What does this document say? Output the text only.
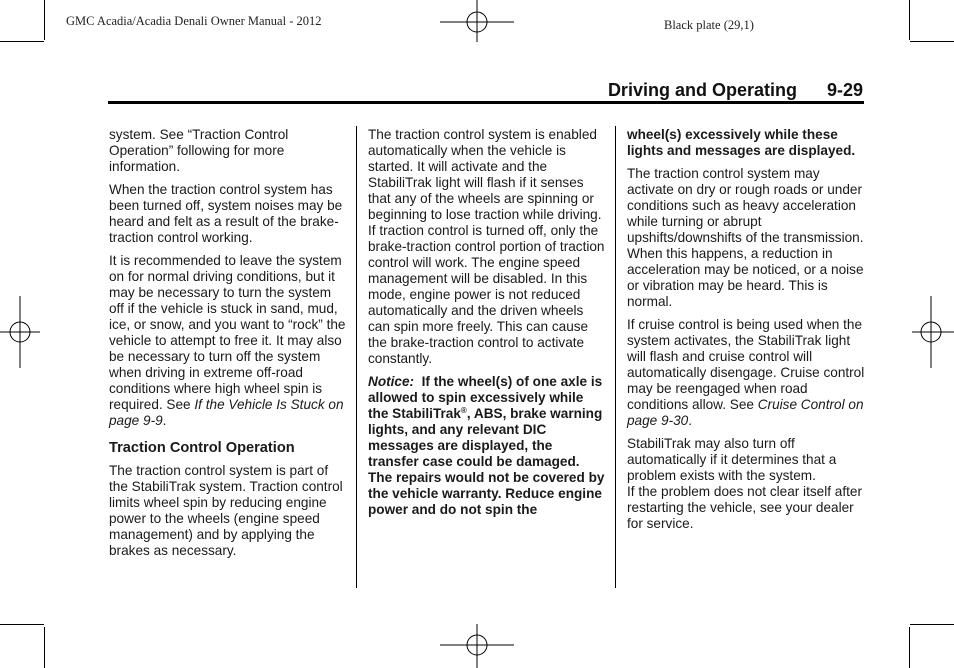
GMC Acadia/Acadia Denali Owner Manual - 2012	Black plate (29,1)
Driving and Operating 9-29

system. See “Traction Control Operation” following for more information.

When the traction control system has been turned off, system noises may be heard and felt as a result of the brake-traction control working.

It is recommended to leave the system on for normal driving conditions, but it may be necessary to turn the system off if the vehicle is stuck in sand, mud, ice, or snow, and you want to “rock” the vehicle to attempt to free it. It may also be necessary to turn off the system when driving in extreme off-road conditions where high wheel spin is required. See If the Vehicle Is Stuck on page 9-9.

Traction Control Operation

The traction control system is part of the StabiliTrak system. Traction control limits wheel spin by reducing engine power to the wheels (engine speed management) and by applying the brakes as necessary.

The traction control system is enabled automatically when the vehicle is started. It will activate and the StabiliTrak light will flash if it senses that any of the wheels are spinning or beginning to lose traction while driving. If traction control is turned off, only the brake-traction control portion of traction control will work. The engine speed management will be disabled. In this mode, engine power is not reduced automatically and the driven wheels can spin more freely. This can cause the brake-traction control to activate constantly.

Notice: If the wheel(s) of one axle is allowed to spin excessively while the StabiliTrak®, ABS, brake warning lights, and any relevant DIC messages are displayed, the transfer case could be damaged. The repairs would not be covered by the vehicle warranty. Reduce engine power and do not spin the

wheel(s) excessively while these lights and messages are displayed.

The traction control system may activate on dry or rough roads or under conditions such as heavy acceleration while turning or abrupt upshifts/downshifts of the transmission. When this happens, a reduction in acceleration may be noticed, or a noise or vibration may be heard. This is normal.

If cruise control is being used when the system activates, the StabiliTrak light will flash and cruise control will automatically disengage. Cruise control may be reengaged when road conditions allow. See Cruise Control on page 9-30.

StabiliTrak may also turn off automatically if it determines that a problem exists with the system.

If the problem does not clear itself after restarting the vehicle, see your dealer for service.
